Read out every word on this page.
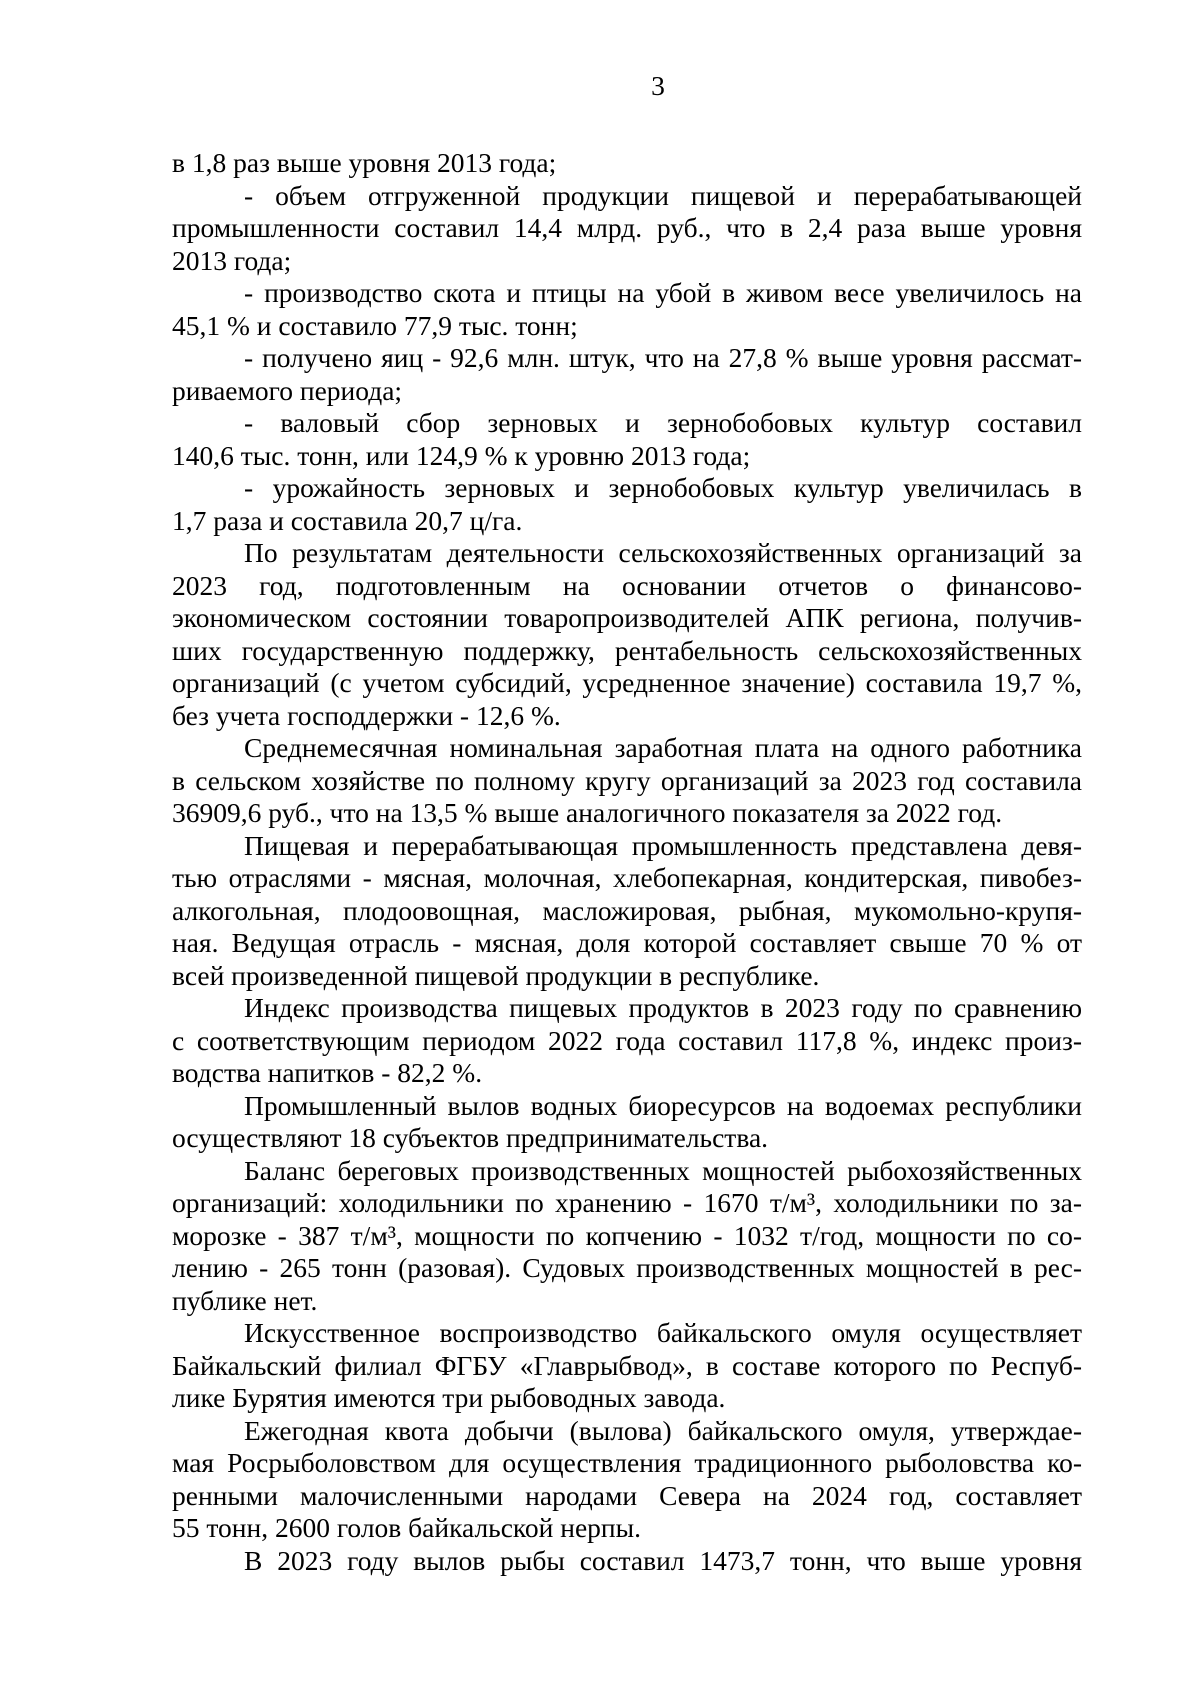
3
в 1,8 раз выше уровня 2013 года;
- объем отгруженной продукции пищевой и перерабатывающей
промышленности составил 14,4 млрд. руб., что в 2,4 раза выше уровня
2013 года;
- производство скота и птицы на убой в живом весе увеличилось на
45,1 % и составило 77,9 тыс. тонн;
- получено яиц - 92,6 млн. штук, что на 27,8 % выше уровня рассмат-
риваемого периода;
- валовый сбор зерновых и зернобобовых культур составил
140,6 тыс. тонн, или 124,9 % к уровню 2013 года;
- урожайность зерновых и зернобобовых культур увеличилась в
1,7 раза и составила 20,7 ц/га.
По результатам деятельности сельскохозяйственных организаций за
2023 год, подготовленным на основании отчетов о финансово-
экономическом состоянии товаропроизводителей АПК региона, получив-
ших государственную поддержку, рентабельность сельскохозяйственных
организаций (с учетом субсидий, усредненное значение) составила 19,7 %,
без учета господдержки - 12,6 %.
Среднемесячная номинальная заработная плата на одного работника
в сельском хозяйстве по полному кругу организаций за 2023 год составила
36909,6 руб., что на 13,5 % выше аналогичного показателя за 2022 год.
Пищевая и перерабатывающая промышленность представлена девя-
тью отраслями - мясная, молочная, хлебопекарная, кондитерская, пивобез-
алкогольная, плодоовощная, масложировая, рыбная, мукомольно-крупя-
ная. Ведущая отрасль - мясная, доля которой составляет свыше 70 % от
всей произведенной пищевой продукции в республике.
Индекс производства пищевых продуктов в 2023 году по сравнению
с соответствующим периодом 2022 года составил 117,8 %, индекс произ-
водства напитков - 82,2 %.
Промышленный вылов водных биоресурсов на водоемах республики
осуществляют 18 субъектов предпринимательства.
Баланс береговых производственных мощностей рыбохозяйственных
организаций: холодильники по хранению - 1670 т/м³, холодильники по за-
морозке - 387 т/м³, мощности по копчению - 1032 т/год, мощности по со-
лению - 265 тонн (разовая). Судовых производственных мощностей в рес-
публике нет.
Искусственное воспроизводство байкальского омуля осуществляет
Байкальский филиал ФГБУ «Главрыбвод», в составе которого по Респуб-
лике Бурятия имеются три рыбоводных завода.
Ежегодная квота добычи (вылова) байкальского омуля, утверждае-
мая Росрыболовством для осуществления традиционного рыболовства ко-
ренными малочисленными народами Севера на 2024 год, составляет
55 тонн, 2600 голов байкальской нерпы.
В 2023 году вылов рыбы составил 1473,7 тонн, что выше уровня
